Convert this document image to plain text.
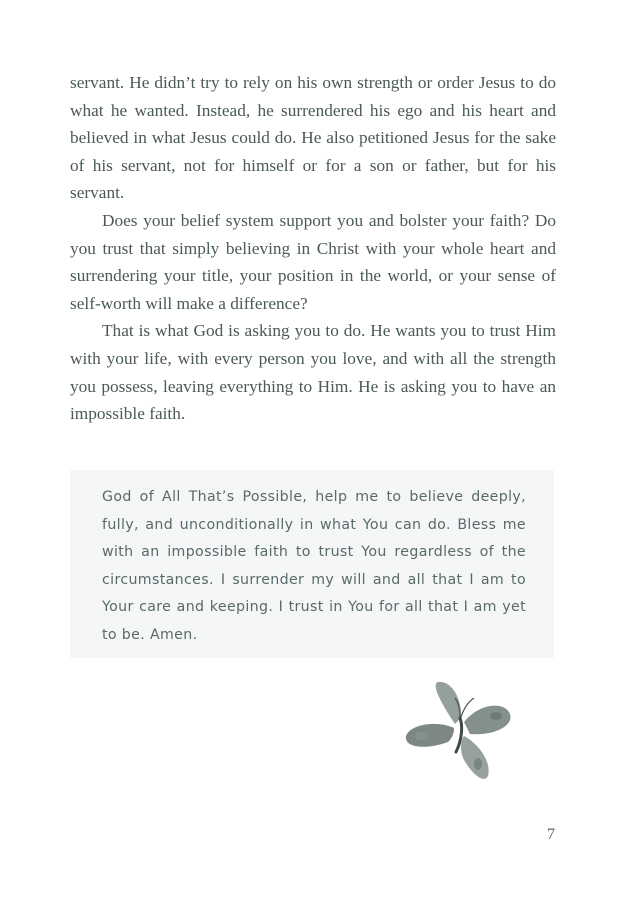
servant. He didn’t try to rely on his own strength or order Jesus to do what he wanted. Instead, he surrendered his ego and his heart and believed in what Jesus could do. He also petitioned Jesus for the sake of his servant, not for himself or for a son or father, but for his servant.

Does your belief system support you and bolster your faith? Do you trust that simply believing in Christ with your whole heart and surrendering your title, your position in the world, or your sense of self-worth will make a difference?

That is what God is asking you to do. He wants you to trust Him with your life, with every person you love, and with all the strength you possess, leaving everything to Him. He is asking you to have an impossible faith.

God of All That’s Possible, help me to believe deeply, fully, and unconditionally in what You can do. Bless me with an impossible faith to trust You regardless of the circumstances. I surrender my will and all that I am to Your care and keeping. I trust in You for all that I am yet to be. Amen.

7
